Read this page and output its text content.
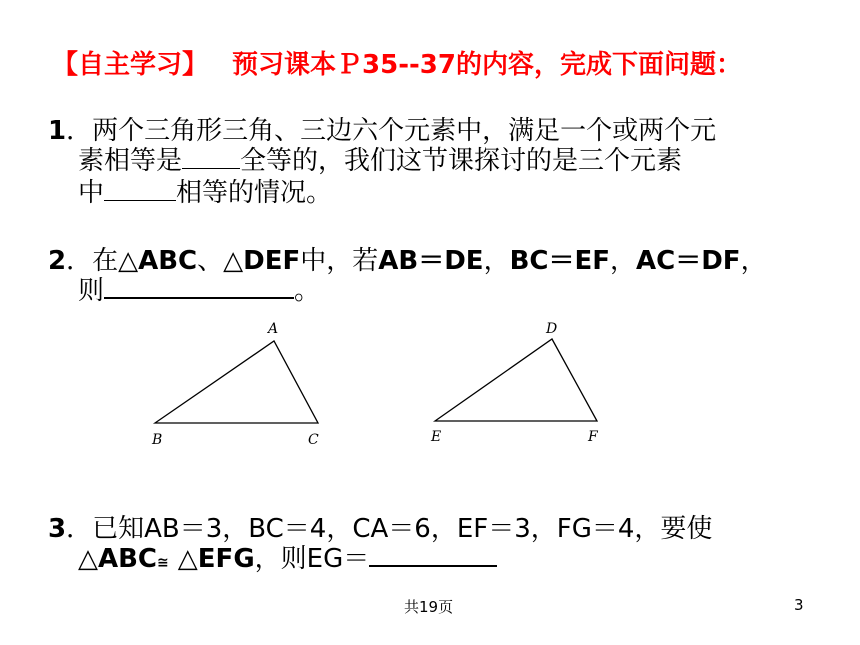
【自主学习】 预习课本Ｐ35--37的内容，完成下面问题：
1．两个三角形三角、三边六个元素中，满足一个或两个元
素相等是 全等的，我们这节课探讨的是三个元素
中	相等的情况。
2．在△ABC、△DEF中，若AB＝DE，BC＝EF，AC＝DF，
则	。
A
B	C
D
E	F
3．已知AB＝3，BC＝4，CA＝6，EF＝3，FG＝4，要使
△ABC≅ △EFG，则EG＝
共19页	3
